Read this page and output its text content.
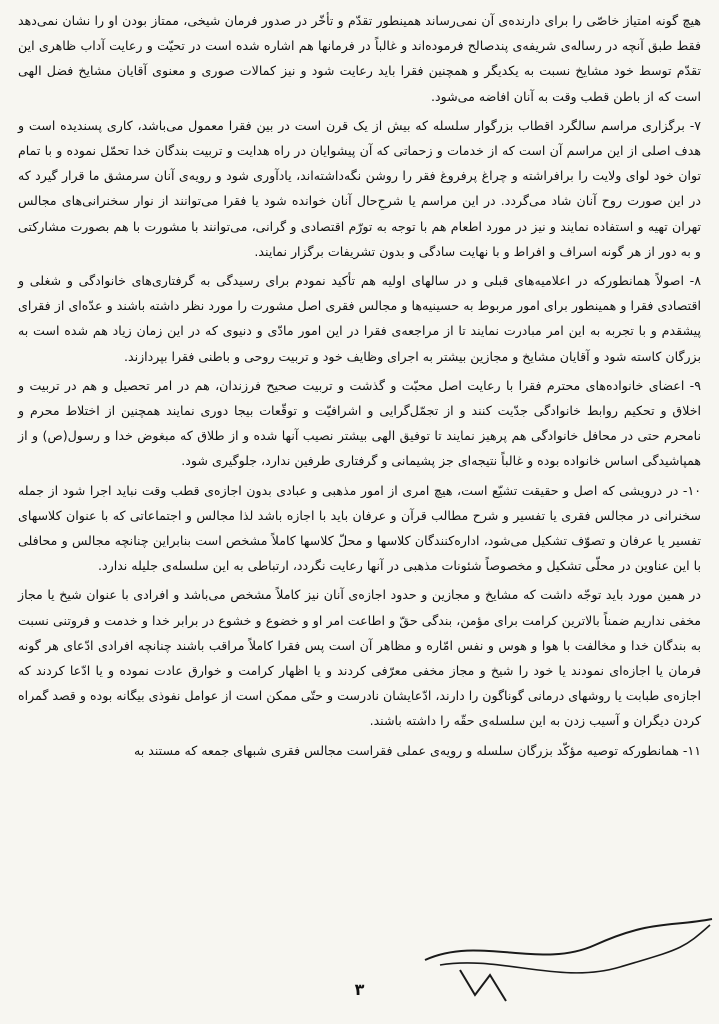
هیچ گونه امتیاز خاصّی را برای دارنده‌ی آن نمی‌رساند همینطور تقدّم و تأخّر در صدور فرمان شیخی، ممتاز بودن او را نشان نمی‌دهد فقط طبق آنچه در رساله‌ی شریفه‌ی پندصالح فرموده‌اند و غالباً در فرمانها هم اشاره شده است در تحیّت و رعایت آداب ظاهری این تقدّم توسط خود مشایخ نسبت به یکدیگر و همچنین فقرا باید رعایت شود و نیز کمالات صوری و معنوی آقایان مشایخ فضل الهی است که از باطن قطب وقت به آنان افاضه می‌شود.

۷- برگزاری مراسم سالگرد اقطاب بزرگوار سلسله که بیش از یک قرن است در بین فقرا معمول می‌باشد، کاری پسندیده است و هدف اصلی از این مراسم آن است که از خدمات و زحماتی که آن پیشوایان در راه هدایت و تربیت بندگان خدا تحمّل نموده و با تمام توان خود لوای ولایت را برافراشته و چراغ پرفروغ فقر را روشن نگه‌داشته‌اند، یادآوری شود و رویه‌ی آنان سرمشق ما قرار گیرد که در این صورت روح آنان شاد می‌گردد. در این مراسم یا شرحِ‌حال آنان خوانده شود یا فقرا می‌توانند از نوار سخنرانی‌های مجالس تهران تهیه و استفاده نمایند و نیز در مورد اطعام هم با توجه به تورّم اقتصادی و گرانی، می‌توانند با مشورت با هم بصورت مشارکتی و به دور از هر گونه اسراف و افراط و با نهایت سادگی و بدون تشریفات برگزار نمایند.

۸- اصولاً همانطورکه در اعلامیه‌های قبلی و در سالهای اولیه هم تأکید نمودم برای رسیدگی به گرفتاری‌های خانوادگی و شغلی و اقتصادی فقرا و همینطور برای امور مربوط به حسینیه‌ها و مجالس فقری اصل مشورت را مورد نظر داشته باشند و عدّه‌ای از فقرای پیشقدم و با تجربه به این امر مبادرت نمایند تا از مراجعه‌ی فقرا در این امور مادّی و دنیوی که در این زمان زیاد هم شده است به بزرگان کاسته شود و آقایان مشایخ و مجازین بیشتر به اجرای وظایف خود و تربیت روحی و باطنی فقرا بپردازند.

۹- اعضای خانواده‌های محترم فقرا با رعایت اصل محبّت و گذشت و تربیت صحیح فرزندان، هم در امر تحصیل و هم در تربیت و اخلاق و تحکیم روابط خانوادگی جدّیت کنند و از تجمّل‌گرایی و اشرافیّت و توقّعات بیجا دوری نمایند همچنین از اختلاط محرم و نامحرم حتی در محافل خانوادگی هم پرهیز نمایند تا توفیق الهی بیشتر نصیب آنها شده و از طلاق که مبغوض خدا و رسول(ص) و از همپاشیدگی اساس خانواده بوده و غالباً نتیجه‌ای جز پشیمانی و گرفتاری طرفین ندارد، جلوگیری شود.

۱۰- در درویشی که اصل و حقیقت تشیّع است، هیچ امری از امور مذهبی و عبادی بدون اجازه‌ی قطب وقت نباید اجرا شود از جمله سخنرانی در مجالس فقری یا تفسیر و شرح مطالب قرآن و عرفان باید با اجازه باشد لذا مجالس و اجتماعاتی که با عنوان کلاسهای تفسیر یا عرفان و تصوّف تشکیل می‌شود، اداره‌کنندگان کلاسها و محلّ کلاسها کاملاً مشخص است بنابراین چنانچه مجالس و محافلی با این عناوین در محلّی تشکیل و مخصوصاً شئونات مذهبی در آنها رعایت نگردد، ارتباطی به این سلسله‌ی جلیله ندارد.

در همین مورد باید توجّه داشت که مشایخ و مجازین و حدود اجازه‌ی آنان نیز کاملاً مشخص می‌باشد و افرادی با عنوان شیخ یا مجاز مخفی نداریم ضمناً بالاترین کرامت برای مؤمن، بندگی حقّ و اطاعت امر او و خضوع و خشوع در برابر خدا و خدمت و فروتنی نسبت به بندگان خدا و مخالفت با هوا و هوس و نفس امّاره و مظاهر آن است پس فقرا کاملاً مراقب باشند چنانچه افرادی ادّعای هر گونه فرمان یا اجازه‌ای نمودند یا خود را شیخ و مجاز مخفی معرّفی کردند و یا اظهار کرامت و خوارق عادت نموده و یا ادّعا کردند که اجازه‌ی طبابت یا روشهای درمانی گوناگون را دارند، ادّعایشان نادرست و حتّی ممکن است از عوامل نفوذی بیگانه بوده و قصد گمراه کردن دیگران و آسیب زدن به این سلسله‌ی حقّه را داشته باشند.

۱۱- همانطورکه توصیه مؤکّد بزرگان سلسله و رویه‌ی عملی فقراست مجالس فقری شبهای جمعه که مستند به

۳
